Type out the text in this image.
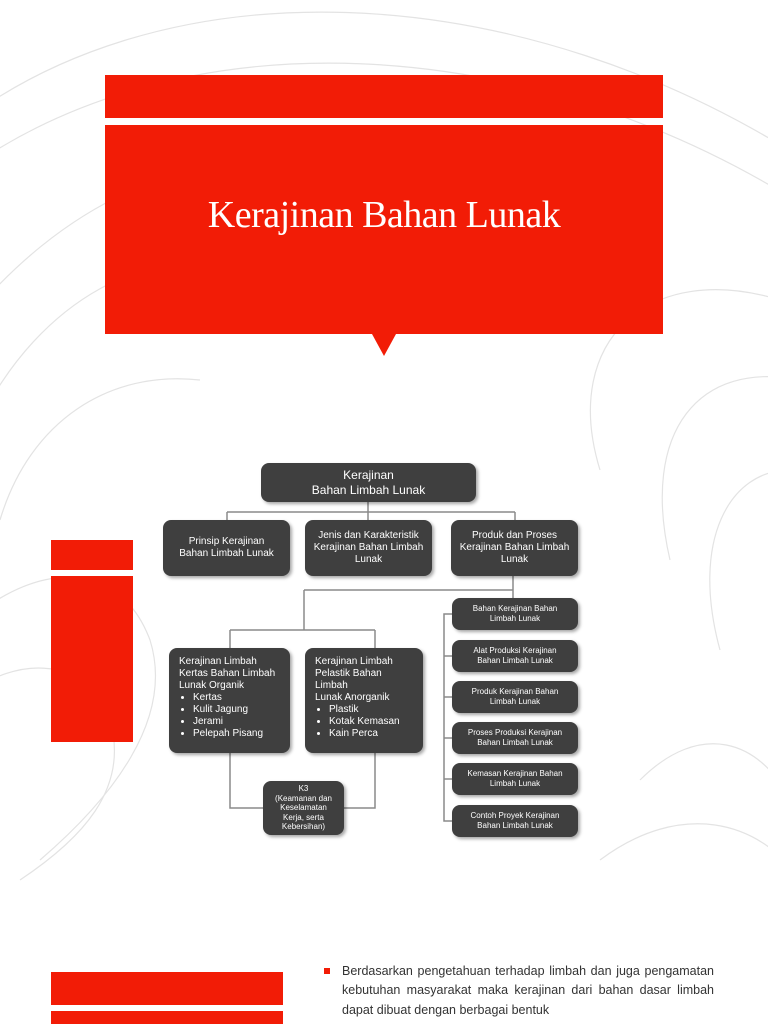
Kerajinan Bahan Lunak
Kerajinan
Bahan Limbah Lunak
Prinsip Kerajinan
Bahan Limbah Lunak
Jenis dan Karakteristik
Kerajinan Bahan Limbah
Lunak
Produk dan Proses
Kerajinan Bahan Limbah
Lunak
Kerajinan Limbah
Kertas Bahan Limbah
Lunak Organik
• Kertas
• Kulit Jagung
• Jerami
• Pelepah Pisang
Kerajinan Limbah
Pelastik Bahan Limbah
Lunak Anorganik
• Plastik
• Kotak Kemasan
• Kain Perca
K3
(Keamanan dan
Keselamatan
Kerja, serta
Kebersihan)
Bahan Kerajinan Bahan
Limbah Lunak
Alat Produksi Kerajinan
Bahan Limbah Lunak
Produk Kerajinan Bahan
Limbah Lunak
Proses Produksi Kerajinan
Bahan Limbah Lunak
Kemasan Kerajinan Bahan
Limbah Lunak
Contoh Proyek Kerajinan
Bahan Limbah Lunak

Berdasarkan pengetahuan terhadap limbah dan juga pengamatan kebutuhan masyarakat maka kerajinan dari bahan dasar limbah dapat dibuat dengan berbagai bentuk
